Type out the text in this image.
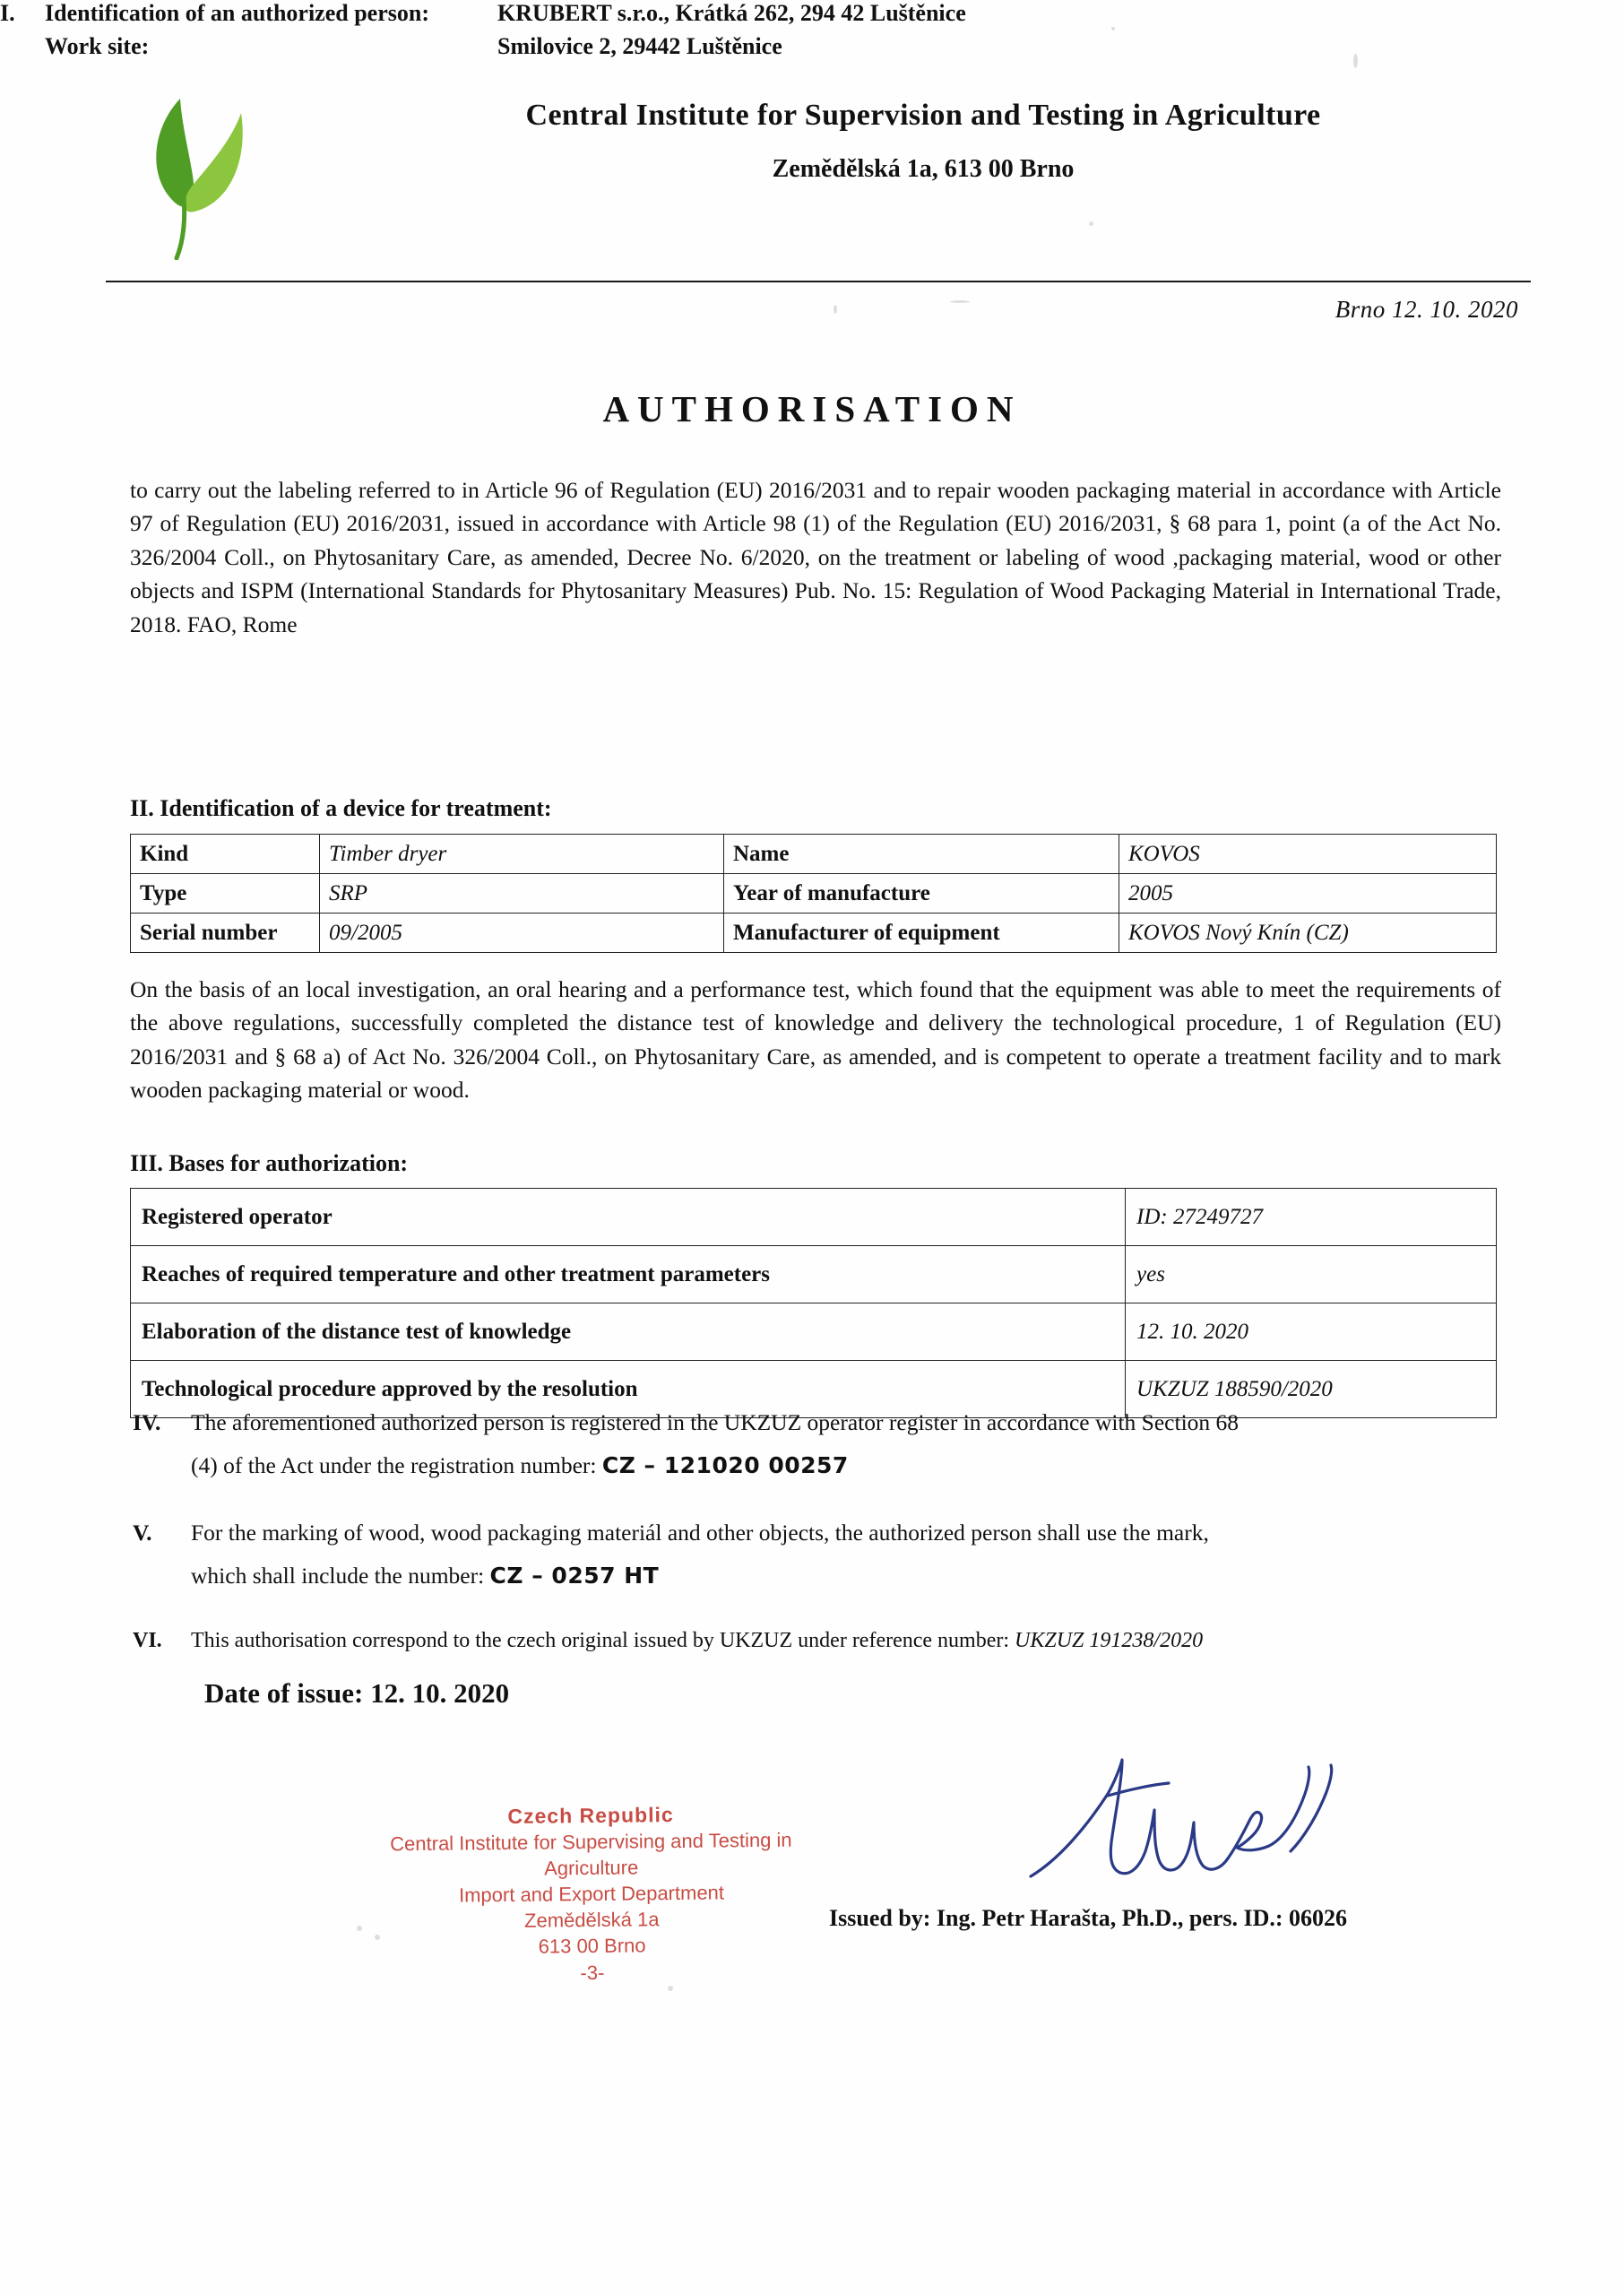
Central Institute for Supervision and Testing in Agriculture
Zemědělská 1a, 613 00 Brno
Brno 12. 10. 2020
AUTHORISATION
to carry out the labeling referred to in Article 96 of Regulation (EU) 2016/2031 and to repair wooden packaging material in accordance with Article 97 of Regulation (EU) 2016/2031, issued in accordance with Article 98 (1) of the Regulation (EU) 2016/2031, § 68 para 1, point (a of the Act No. 326/2004 Coll., on Phytosanitary Care, as amended, Decree No. 6/2020, on the treatment or labeling of wood ,packaging material, wood or other objects and ISPM (International Standards for Phytosanitary Measures) Pub. No. 15: Regulation of Wood Packaging Material in International Trade, 2018. FAO, Rome
I.	Identification of an authorized person:	KRUBERT s.r.o., Krátká 262, 294 42 Luštěnice
Work site:	Smilovice 2, 29442 Luštěnice
II. Identification of a device for treatment:
Kind	Timber dryer	Name	KOVOS
Type	SRP	Year of manufacture	2005
Serial number	09/2005	Manufacturer of equipment	KOVOS Nový Knín (CZ)
On the basis of an local investigation, an oral hearing and a performance test, which found that the equipment was able to meet the requirements of the above regulations, successfully completed the distance test of knowledge and delivery the technological procedure, 1 of Regulation (EU) 2016/2031 and § 68 a) of Act No. 326/2004 Coll., on Phytosanitary Care, as amended, and is competent to operate a treatment facility and to mark wooden packaging material or wood.
III. Bases for authorization:
Registered operator	ID: 27249727
Reaches of required temperature and other treatment parameters	yes
Elaboration of the distance test of knowledge	12. 10. 2020
Technological procedure approved by the resolution	UKZUZ 188590/2020
IV.	The aforementioned authorized person is registered in the UKZUZ operator register in accordance with Section 68
(4) of the Act under the registration number: CZ – 121020 00257
V.	For the marking of wood, wood packaging materiál and other objects, the authorized person shall use the mark,
which shall include the number: CZ – 0257 HT
VI.	This authorisation correspond to the czech original issued by UKZUZ under reference number: UKZUZ 191238/2020
Date of issue: 12. 10. 2020
Czech Republic
Central Institute for Supervising and Testing in Agriculture
Import and Export Department
Zemědělská 1a
613 00 Brno
-3-
Issued by: Ing. Petr Harašta, Ph.D., pers. ID.: 06026
